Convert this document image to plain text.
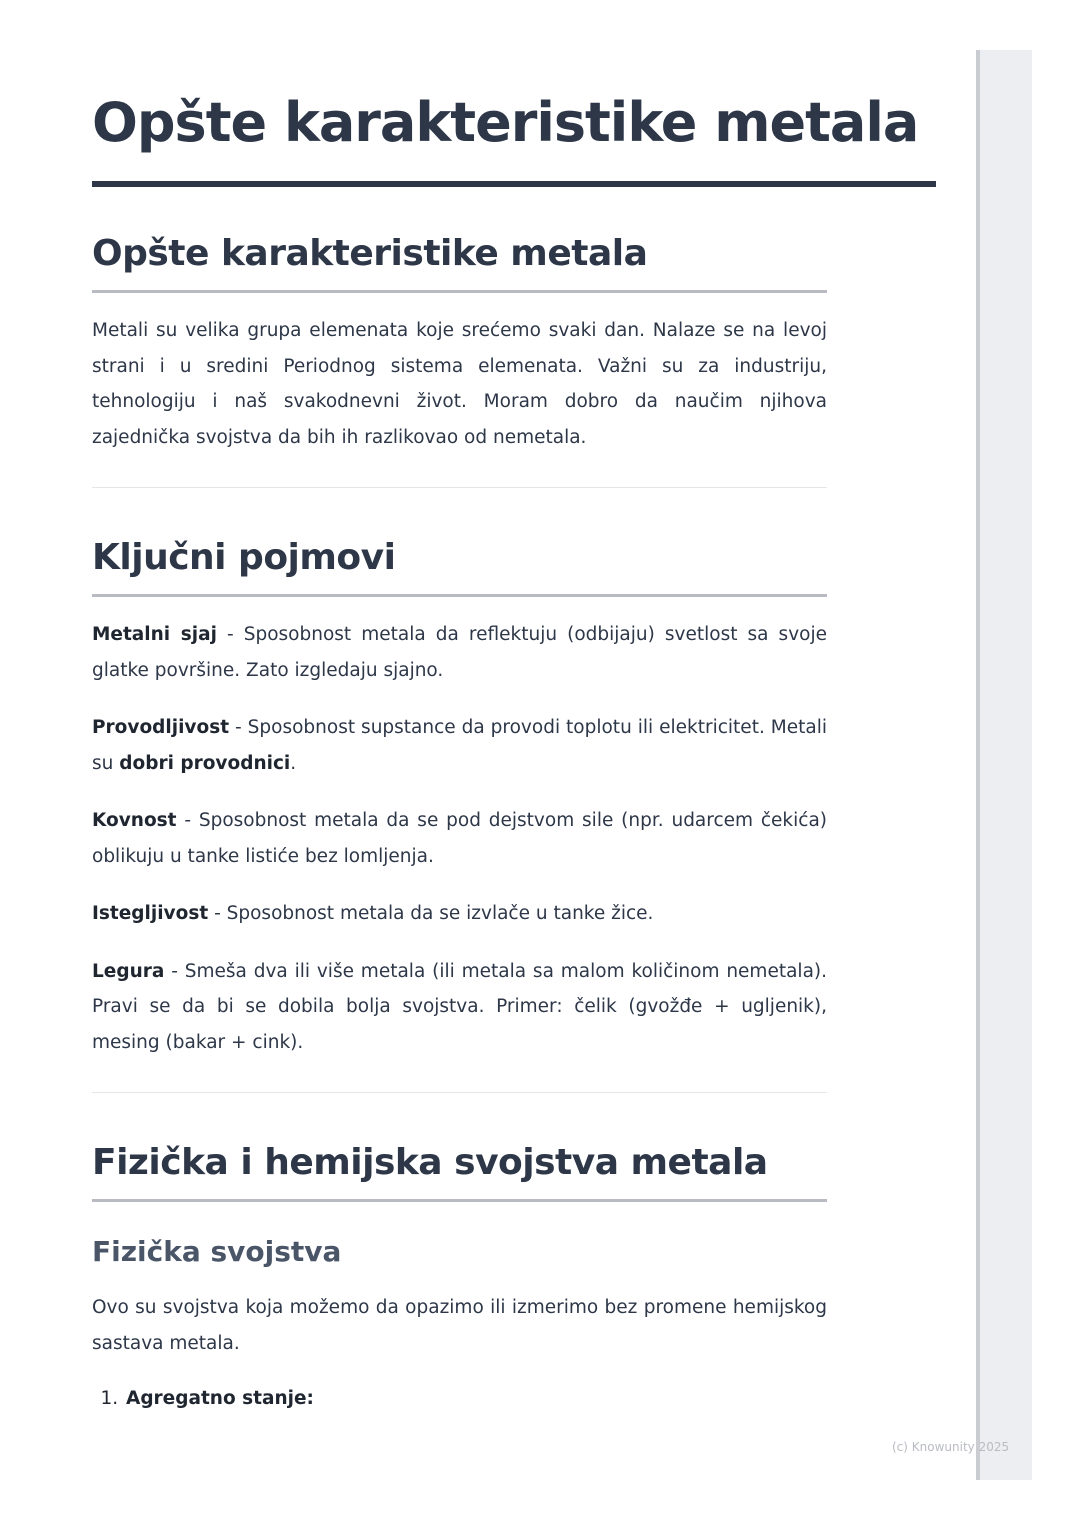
Opšte karakteristike metala
Opšte karakteristike metala

Metali su velika grupa elemenata koje srećemo svaki dan. Nalaze se na levoj strani i u sredini Periodnog sistema elemenata. Važni su za industriju, tehnologiju i naš svakodnevni život. Moram dobro da naučim njihova zajednička svojstva da bih ih razlikovao od nemetala.

Ključni pojmovi

Metalni sjaj - Sposobnost metala da reflektuju (odbijaju) svetlost sa svoje glatke površine. Zato izgledaju sjajno.

Provodljivost - Sposobnost supstance da provodi toplotu ili elektricitet. Metali su dobri provodnici.

Kovnost - Sposobnost metala da se pod dejstvom sile (npr. udarcem čekića) oblikuju u tanke listiće bez lomljenja.

Istegljivost - Sposobnost metala da se izvlače u tanke žice.

Legura - Smeša dva ili više metala (ili metala sa malom količinom nemetala). Pravi se da bi se dobila bolja svojstva. Primer: čelik (gvožđe + ugljenik), mesing (bakar + cink).

Fizička i hemijska svojstva metala
Fizička svojstva

Ovo su svojstva koja možemo da opazimo ili izmerimo bez promene hemijskog sastava metala.

1. Agregatno stanje:
(c) Knowunity 2025
